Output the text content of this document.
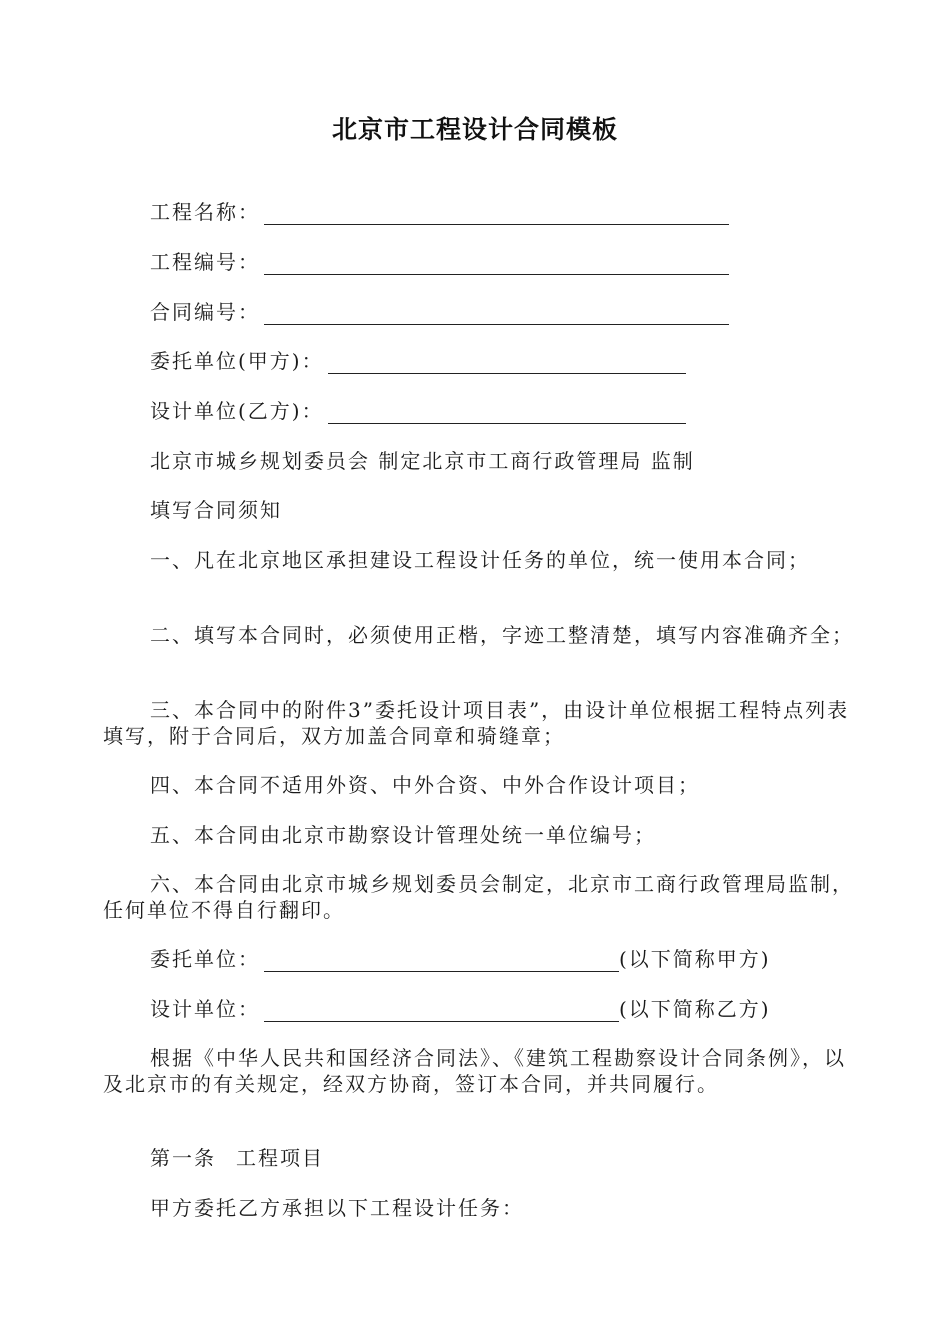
北京市工程设计合同模板
工程名称：
工程编号：
合同编号：
委托单位(甲方)：
设计单位(乙方)：
北京市城乡规划委员会 制定北京市工商行政管理局 监制
填写合同须知
一、凡在北京地区承担建设工程设计任务的单位，统一使用本合同；
二、填写本合同时，必须使用正楷，字迹工整清楚，填写内容准确齐全；
三、本合同中的附件3”委托设计项目表”，由设计单位根据工程特点列表填写，附于合同后，双方加盖合同章和骑缝章；
四、本合同不适用外资、中外合资、中外合作设计项目；
五、本合同由北京市勘察设计管理处统一单位编号；
六、本合同由北京市城乡规划委员会制定，北京市工商行政管理局监制，任何单位不得自行翻印。
委托单位：	(以下简称甲方)
设计单位：	(以下简称乙方)
根据《中华人民共和国经济合同法》、《建筑工程勘察设计合同条例》，以及北京市的有关规定，经双方协商，签订本合同，并共同履行。
第一条 工程项目
甲方委托乙方承担以下工程设计任务：
